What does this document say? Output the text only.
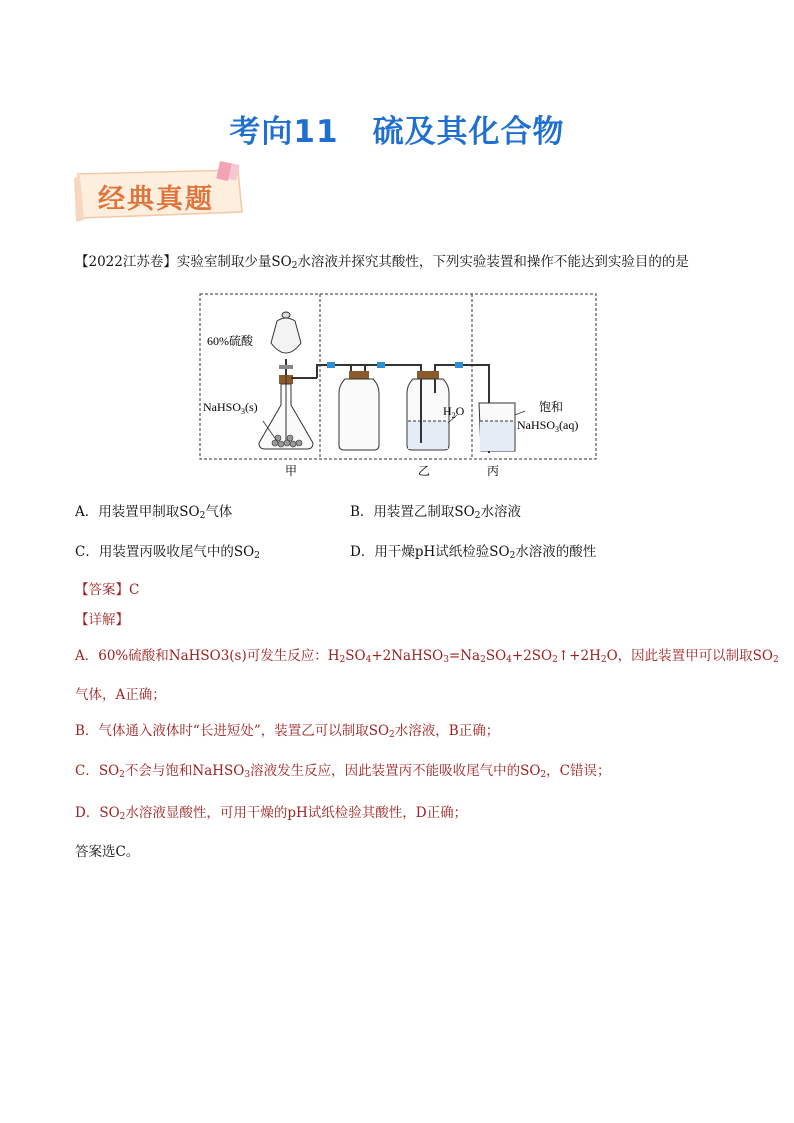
考向11 硫及其化合物
经典真题
【2022江苏卷】实验室制取少量$SO_2$水溶液并探究其酸性，下列实验装置和操作不能达到实验目的的是
60%硫酸
NaHSO$_3$(s)	$H_2O$	饱和
NaHSO$_3$(aq)
甲	乙	丙
A．用装置甲制取$SO_2$气体	B．用装置乙制取$SO_2$水溶液
C．用装置丙吸收尾气中的$SO_2$	D．用干燥pH试纸检验$SO_2$水溶液的酸性
【答案】C
【详解】
A．60%硫酸和NaHSO3(s)可发生反应：$H_2SO_4+2NaHSO_3=Na_2SO_4+2SO_2↑+2H_2O$，因此装置甲可以制取$SO_2$
气体，A正确；
B．气体通入液体时“长进短处”，装置乙可以制取$SO_2$水溶液，B正确；
C．$SO_2$不会与饱和NaHSO$_3$溶液发生反应，因此装置丙不能吸收尾气中的$SO_2$，C错误；
D．$SO_2$水溶液显酸性，可用干燥的pH试纸检验其酸性，D正确；
答案选C。
